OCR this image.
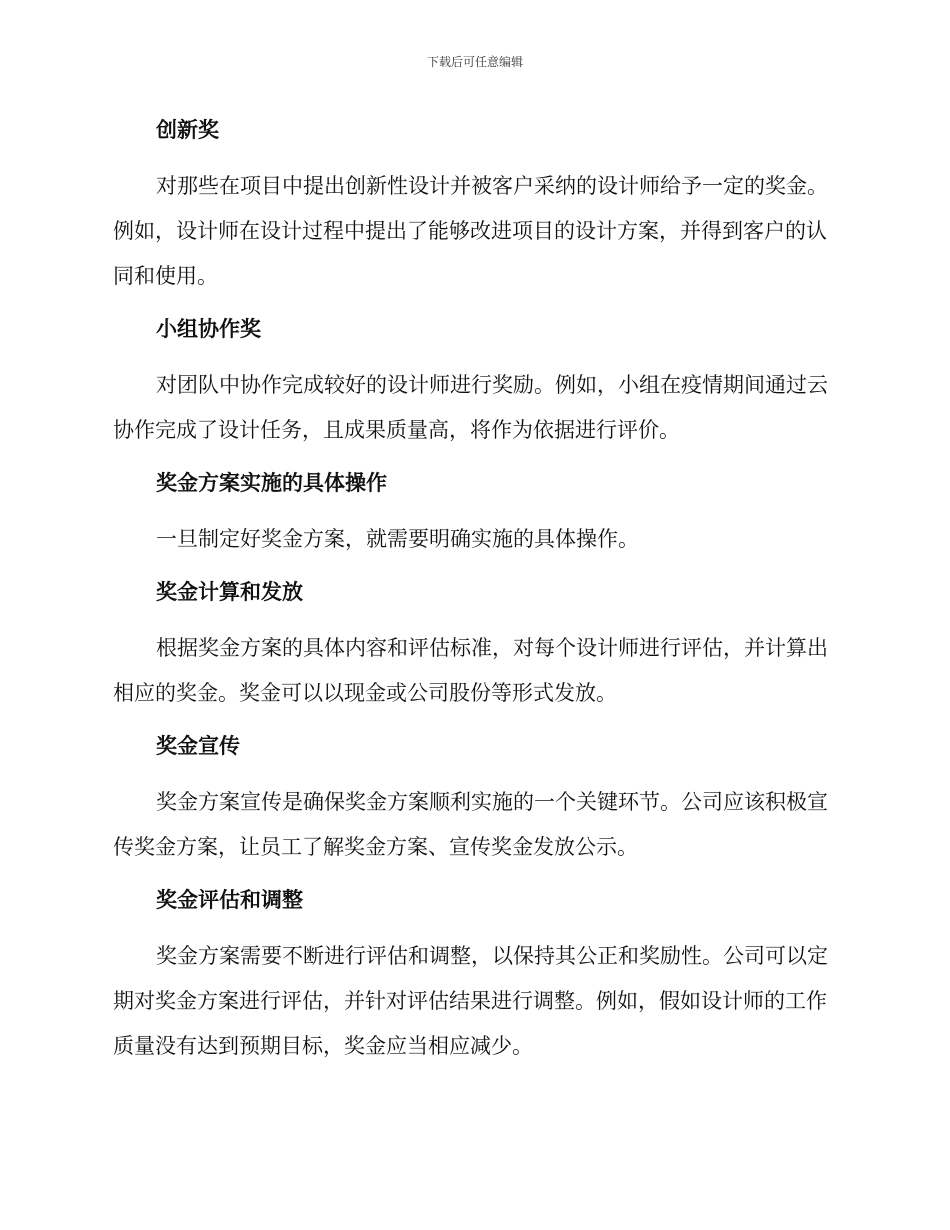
下载后可任意编辑
创新奖

对那些在项目中提出创新性设计并被客户采纳的设计师给予一定的奖金。例如，设计师在设计过程中提出了能够改进项目的设计方案，并得到客户的认同和使用。

小组协作奖

对团队中协作完成较好的设计师进行奖励。例如，小组在疫情期间通过云协作完成了设计任务，且成果质量高，将作为依据进行评价。

奖金方案实施的具体操作

一旦制定好奖金方案，就需要明确实施的具体操作。

奖金计算和发放

根据奖金方案的具体内容和评估标准，对每个设计师进行评估，并计算出相应的奖金。奖金可以以现金或公司股份等形式发放。

奖金宣传

奖金方案宣传是确保奖金方案顺利实施的一个关键环节。公司应该积极宣传奖金方案，让员工了解奖金方案、宣传奖金发放公示。

奖金评估和调整

奖金方案需要不断进行评估和调整，以保持其公正和奖励性。公司可以定期对奖金方案进行评估，并针对评估结果进行调整。例如，假如设计师的工作质量没有达到预期目标，奖金应当相应减少。
